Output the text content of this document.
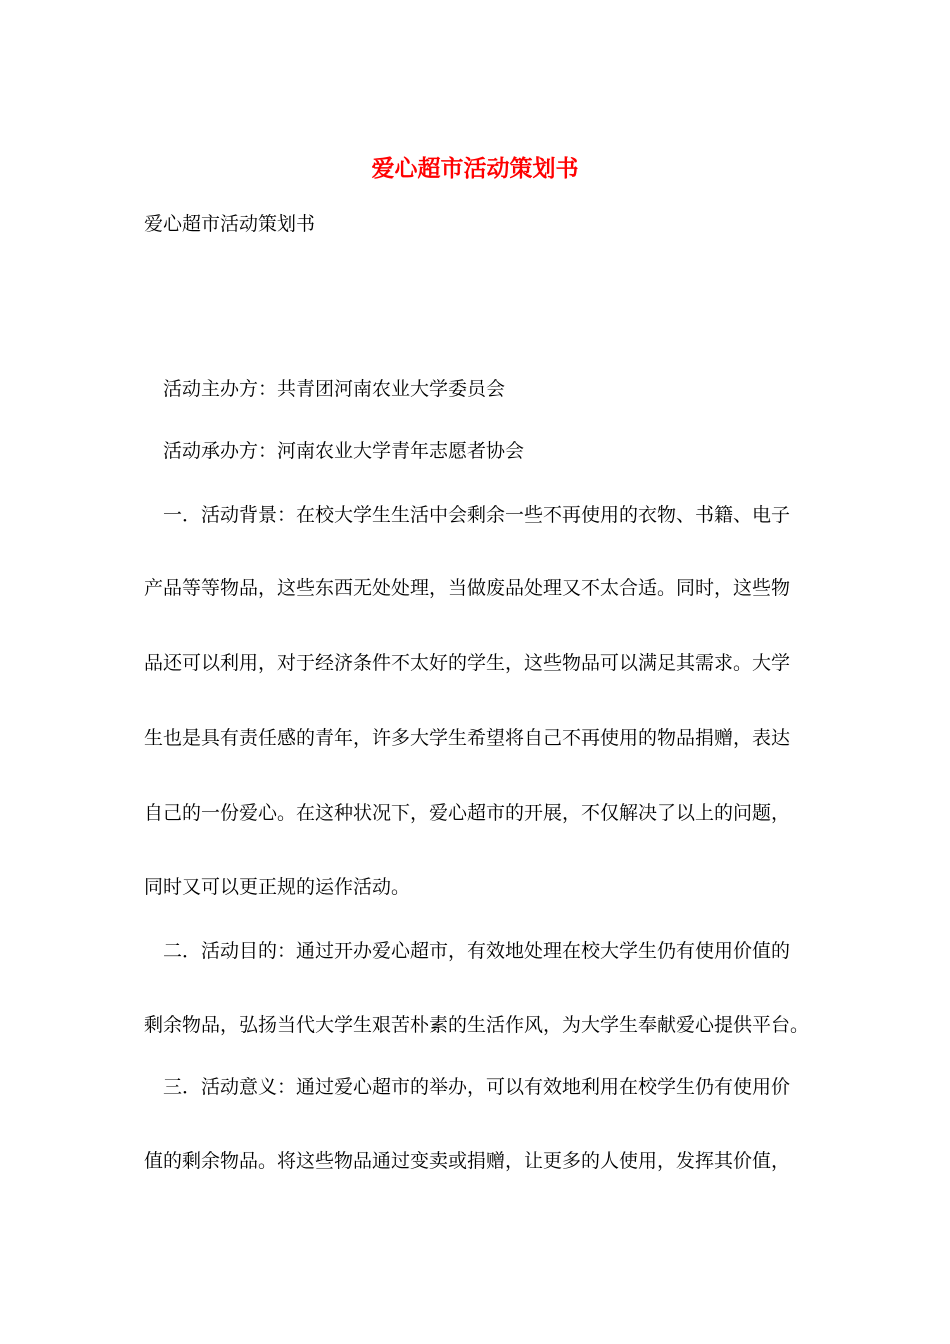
爱心超市活动策划书

爱心超市活动策划书

活动主办方：共青团河南农业大学委员会

活动承办方：河南农业大学青年志愿者协会

一．活动背景：在校大学生生活中会剩余一些不再使用的衣物、书籍、电子

产品等等物品，这些东西无处处理，当做废品处理又不太合适。同时，这些物

品还可以利用，对于经济条件不太好的学生，这些物品可以满足其需求。大学

生也是具有责任感的青年，许多大学生希望将自己不再使用的物品捐赠，表达

自己的一份爱心。在这种状况下，爱心超市的开展，不仅解决了以上的问题，

同时又可以更正规的运作活动。

二．活动目的：通过开办爱心超市，有效地处理在校大学生仍有使用价值的

剩余物品，弘扬当代大学生艰苦朴素的生活作风，为大学生奉献爱心提供平台。

三．活动意义：通过爱心超市的举办，可以有效地利用在校学生仍有使用价

值的剩余物品。将这些物品通过变卖或捐赠，让更多的人使用，发挥其价值，
